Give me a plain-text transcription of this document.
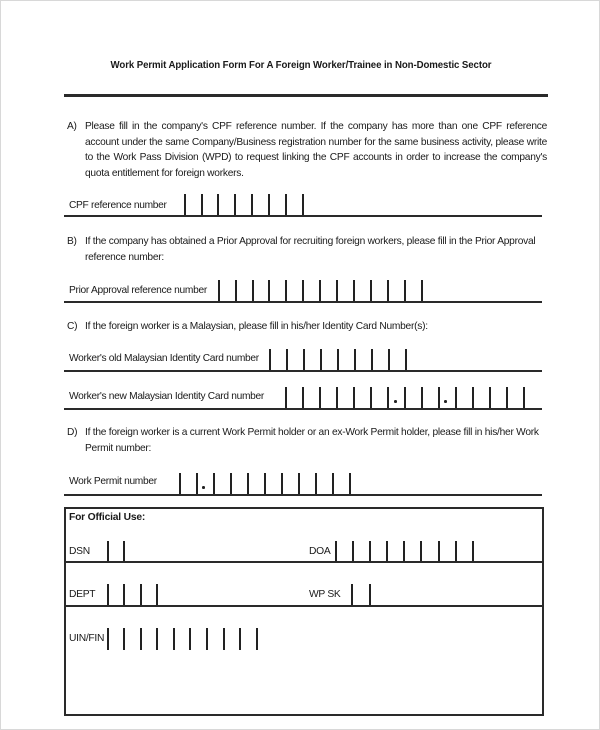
Work Permit Application Form For A Foreign Worker/Trainee in Non-Domestic Sector
A) Please fill in the company's CPF reference number. If the company has more than one CPF reference account under the same Company/Business registration number for the same business activity, please write to the Work Pass Division (WPD) to request linking the CPF accounts in order to increase the company's quota entitlement for foreign workers.
CPF reference number
B) If the company has obtained a Prior Approval for recruiting foreign workers, please fill in the Prior Approval reference number:
Prior Approval reference number
C) If the foreign worker is a Malaysian, please fill in his/her Identity Card Number(s):
Worker's old Malaysian Identity Card number
Worker's new Malaysian Identity Card number
D) If the foreign worker is a current Work Permit holder or an ex-Work Permit holder, please fill in his/her Work Permit number:
Work Permit number
For Official Use:
DSN	DOA
DEPT	WP SK
UIN/FIN
